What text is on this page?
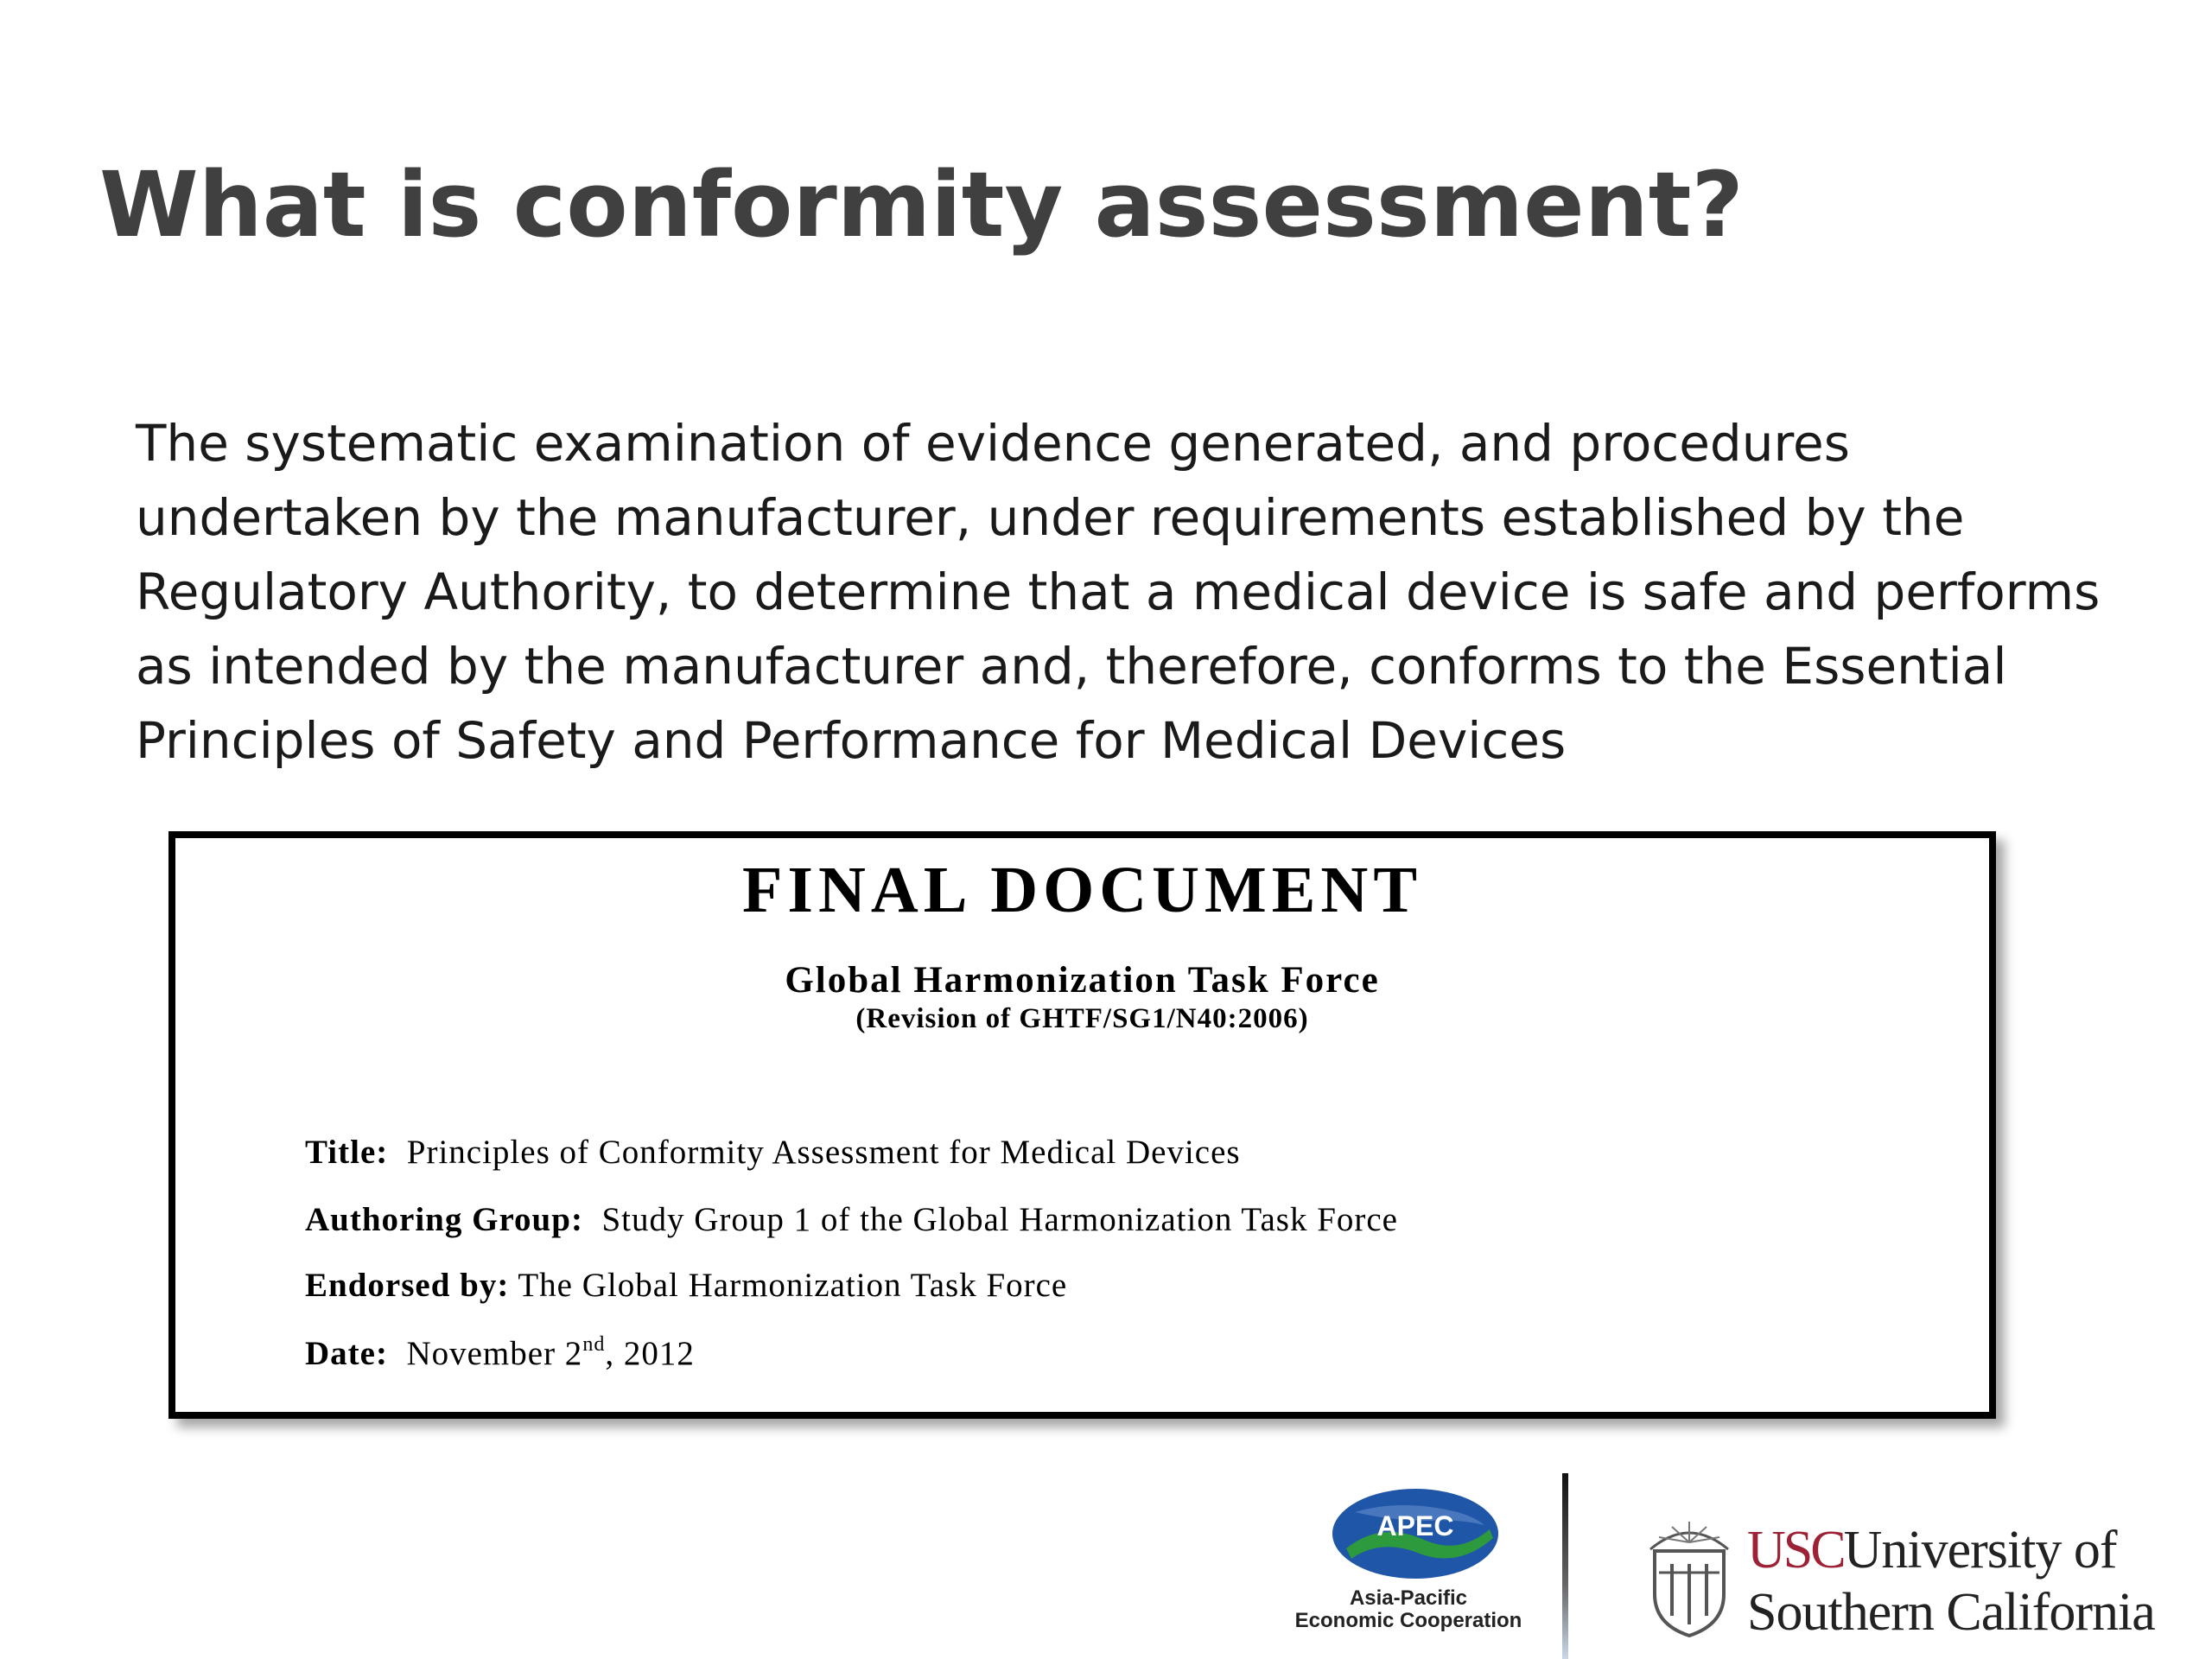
What is conformity assessment?

The systematic examination of evidence generated, and procedures undertaken by the manufacturer, under requirements established by the Regulatory Authority, to determine that a medical device is safe and performs as intended by the manufacturer and, therefore, conforms to the Essential Principles of Safety and Performance for Medical Devices

FINAL DOCUMENT
Global Harmonization Task Force
(Revision of GHTF/SG1/N40:2006)
Title: Principles of Conformity Assessment for Medical Devices
Authoring Group: Study Group 1 of the Global Harmonization Task Force
Endorsed by: The Global Harmonization Task Force
Date: November 2nd, 2012
APEC
Asia-Pacific
Economic Cooperation
USCUniversity of
Southern California
